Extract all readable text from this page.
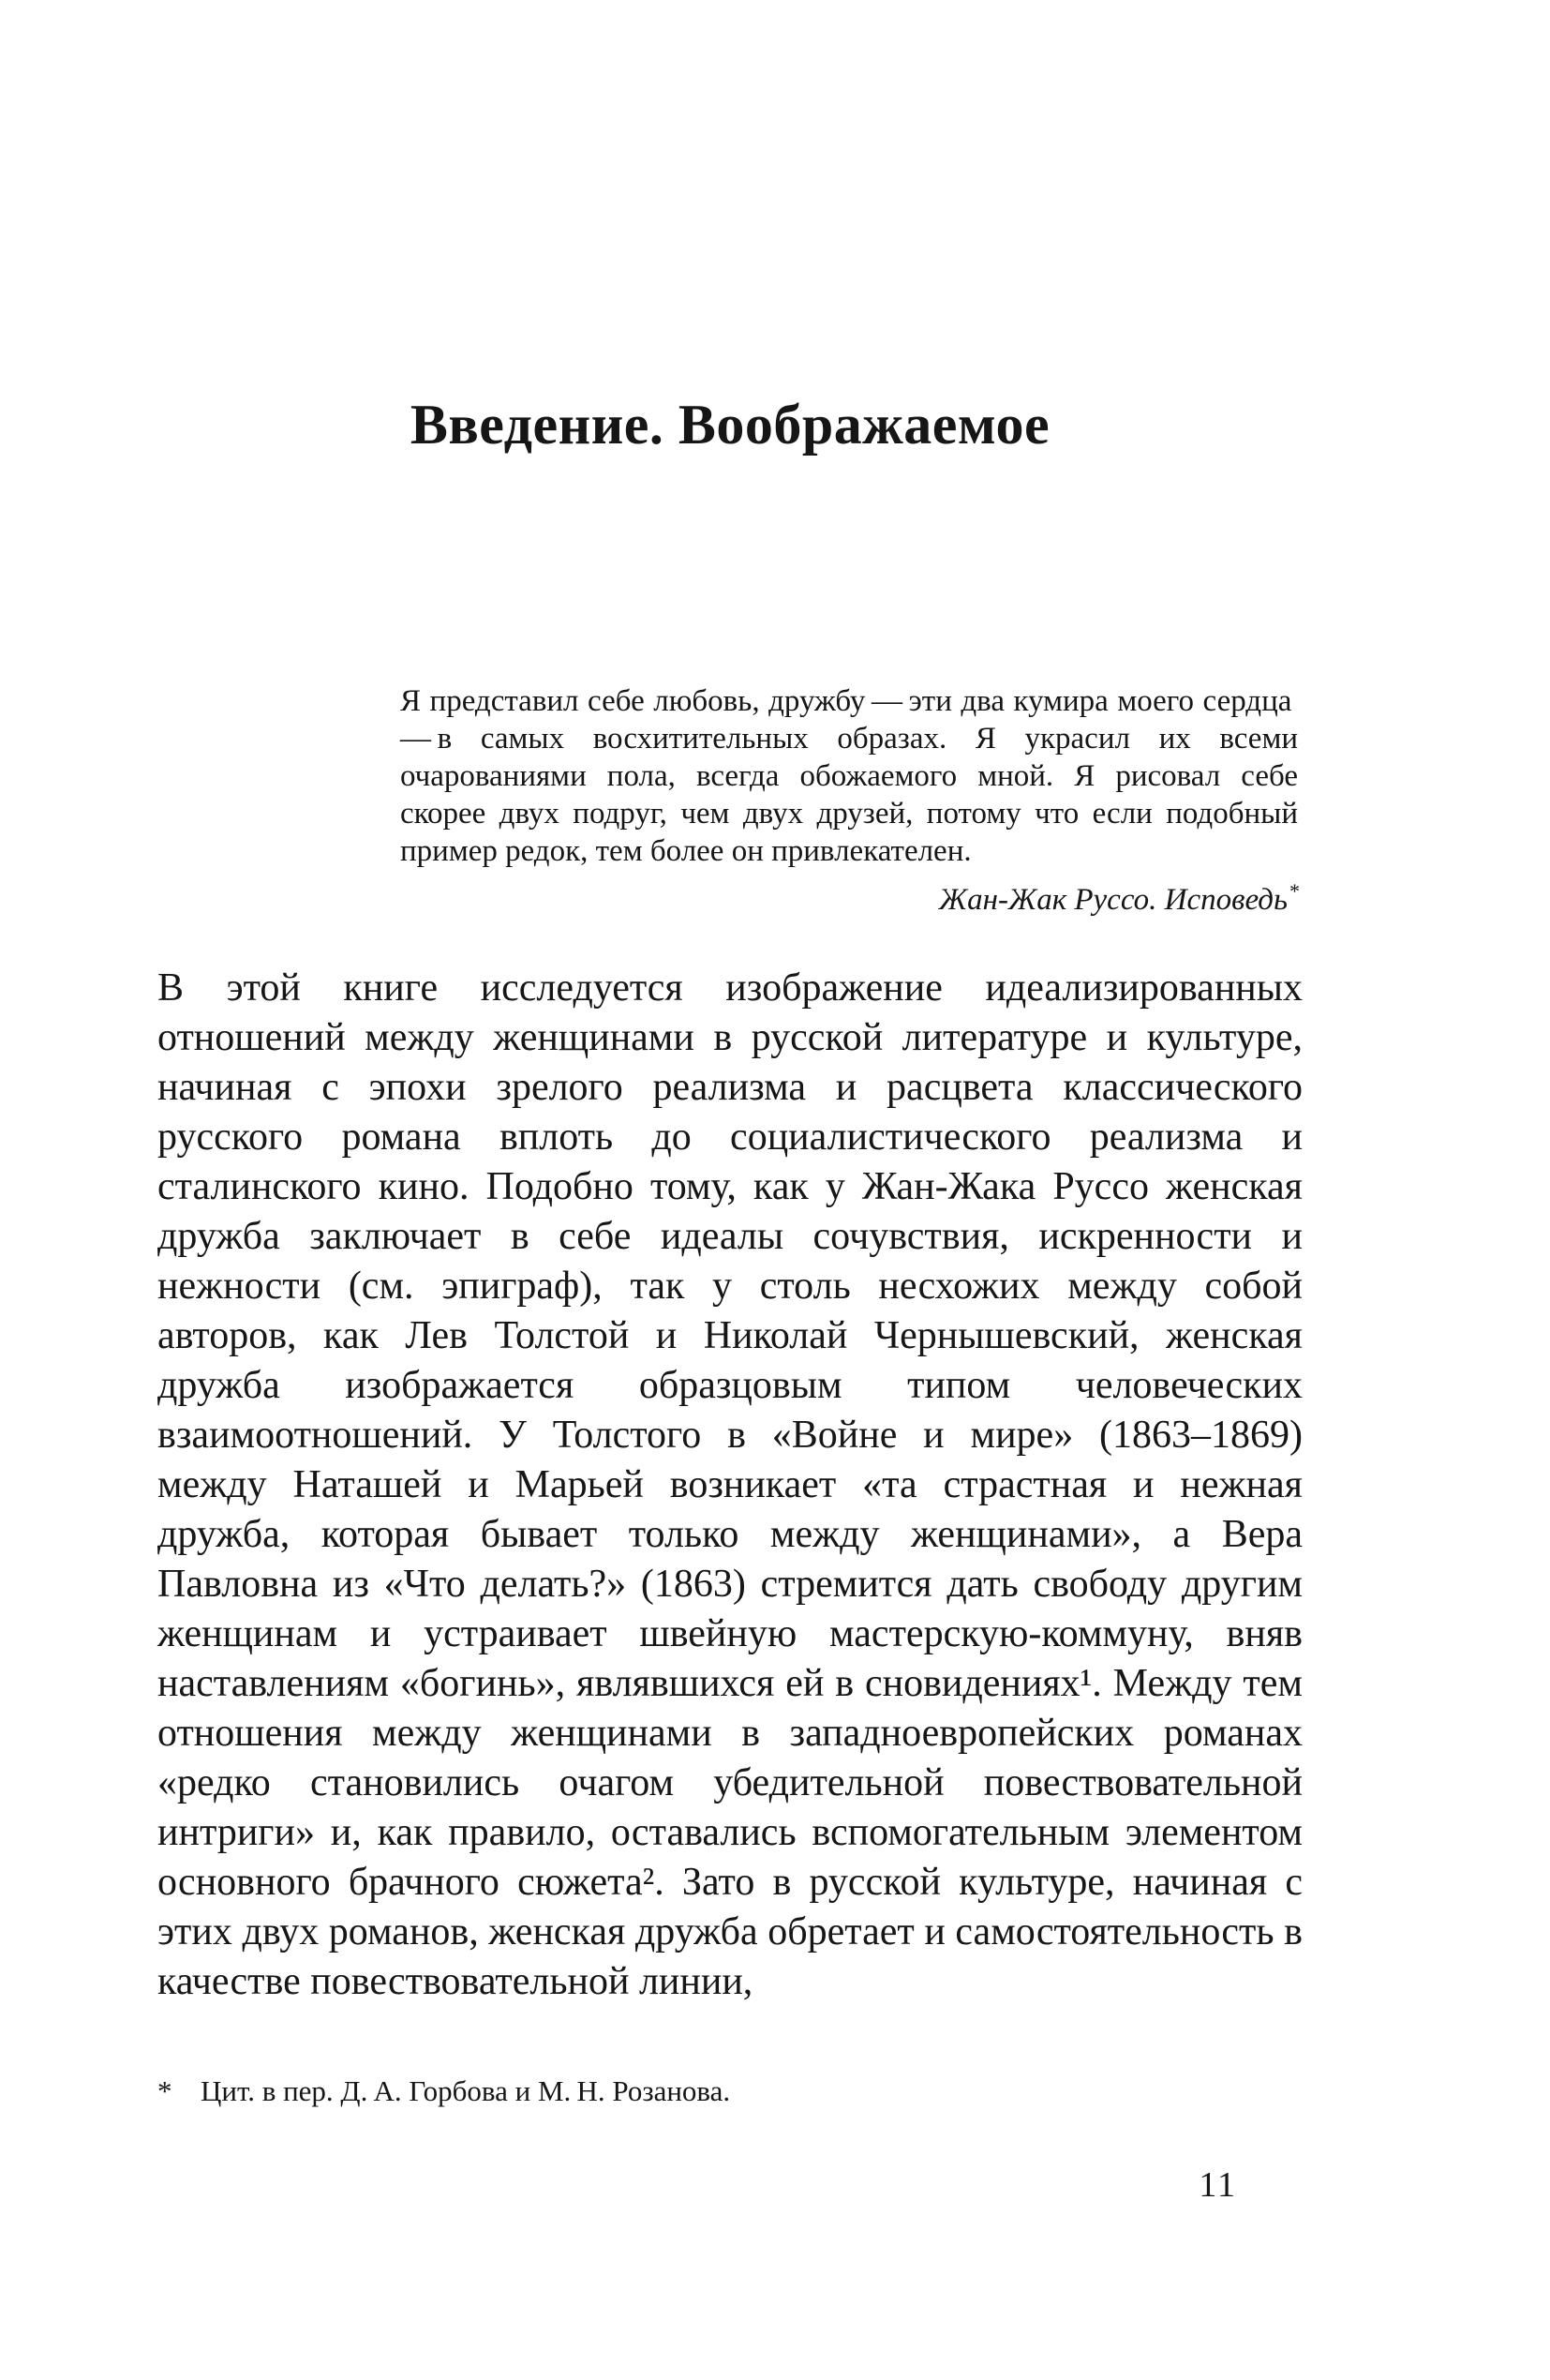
Введение. Воображаемое

Я представил себе любовь, дружбу — эти два кумира моего сердца — в самых восхитительных образах. Я украсил их всеми очарованиями пола, всегда обожаемого мной. Я рисовал себе скорее двух подруг, чем двух друзей, потому что если подобный пример редок, тем более он привлекателен.

Жан-Жак Руссо. Исповедь*

В этой книге исследуется изображение идеализированных отношений между женщинами в русской литературе и культуре, начиная с эпохи зрелого реализма и расцвета классического русского романа вплоть до социалистического реализма и сталинского кино. Подобно тому, как у Жан-Жака Руссо женская дружба заключает в себе идеалы сочувствия, искренности и нежности (см. эпиграф), так у столь несхожих между собой авторов, как Лев Толстой и Николай Чернышевский, женская дружба изображается образцовым типом человеческих взаимоотношений. У Толстого в «Войне и мире» (1863–1869) между Наташей и Марьей возникает «та страстная и нежная дружба, которая бывает только между женщинами», а Вера Павловна из «Что делать?» (1863) стремится дать свободу другим женщинам и устраивает швейную мастерскую-коммуну, вняв наставлениям «богинь», являвшихся ей в сновидениях¹. Между тем отношения между женщинами в западноевропейских романах «редко становились очагом убедительной повествовательной интриги» и, как правило, оставались вспомогательным элементом основного брачного сюжета². Зато в русской культуре, начиная с этих двух романов, женская дружба обретает и самостоятельность в качестве повествовательной линии,

* Цит. в пер. Д. А. Горбова и М. Н. Розанова.
11
